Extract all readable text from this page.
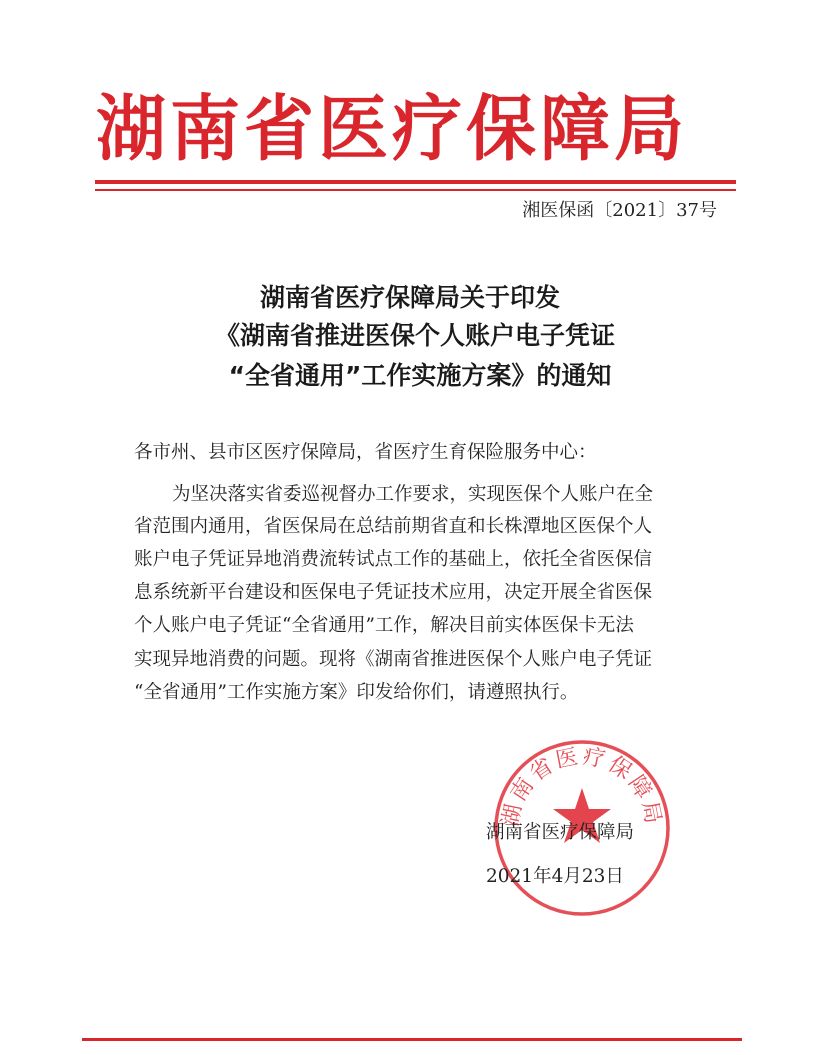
湖南省医疗保障局
湘医保函〔2021〕37号
湖南省医疗保障局关于印发
《湖南省推进医保个人账户电子凭证
“全省通用”工作实施方案》的通知
各市州、县市区医疗保障局，省医疗生育保险服务中心：
为坚决落实省委巡视督办工作要求，实现医保个人账户在全
省范围内通用，省医保局在总结前期省直和长株潭地区医保个人
账户电子凭证异地消费流转试点工作的基础上，依托全省医保信
息系统新平台建设和医保电子凭证技术应用，决定开展全省医保
个人账户电子凭证“全省通用”工作，解决目前实体医保卡无法
实现异地消费的问题。现将《湖南省推进医保个人账户电子凭证
“全省通用”工作实施方案》印发给你们，请遵照执行。
湖南省医疗保障局
湖南省医疗保障局
2021年4月23日
